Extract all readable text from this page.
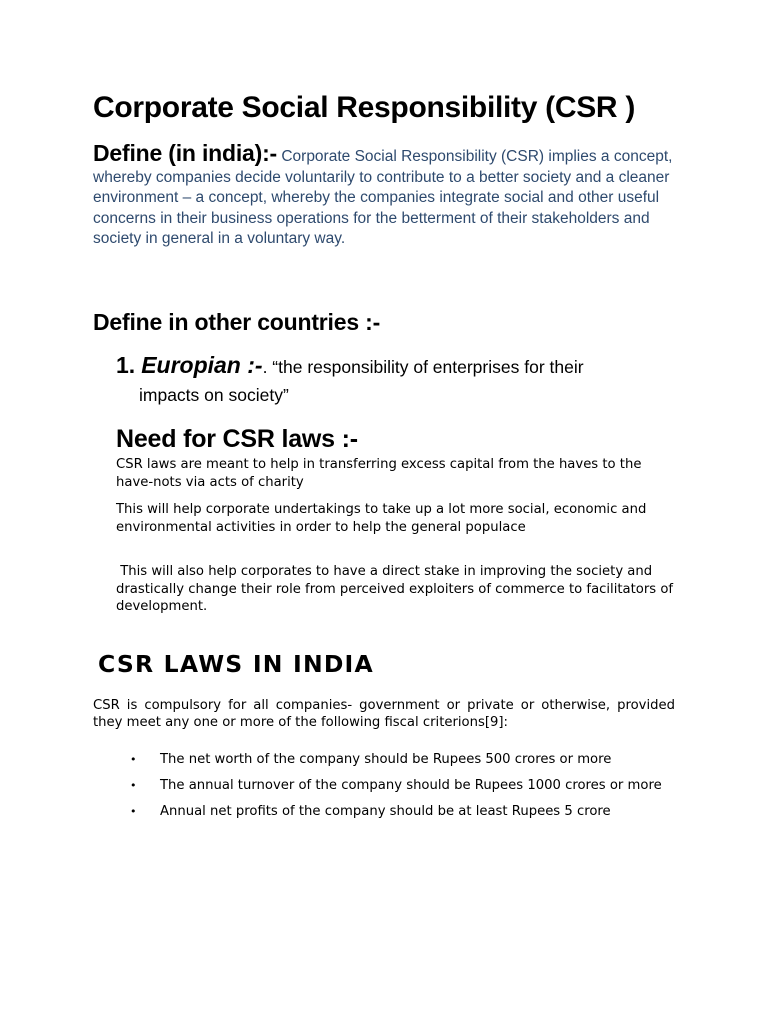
Corporate Social Responsibility (CSR )
Define (in india):- Corporate Social Responsibility (CSR) implies a concept, whereby companies decide voluntarily to contribute to a better society and a cleaner environment – a concept, whereby the companies integrate social and other useful concerns in their business operations for the betterment of their stakeholders and society in general in a voluntary way.
Define in other countries :-
1. Europian :-. “the responsibility of enterprises for their
impacts on society”
Need for CSR laws :-

CSR laws are meant to help in transferring excess capital from the haves to the have-nots via acts of charity

This will help corporate undertakings to take up a lot more social, economic and environmental activities in order to help the general populace

This will also help corporates to have a direct stake in improving the society and drastically change their role from perceived exploiters of commerce to facilitators of development.

CSR LAWS IN INDIA

CSR is compulsory for all companies- government or private or otherwise, provided they meet any one or more of the following fiscal criterions[9]:

• The net worth of the company should be Rupees 500 crores or more
• The annual turnover of the company should be Rupees 1000 crores or more
• Annual net profits of the company should be at least Rupees 5 crore
